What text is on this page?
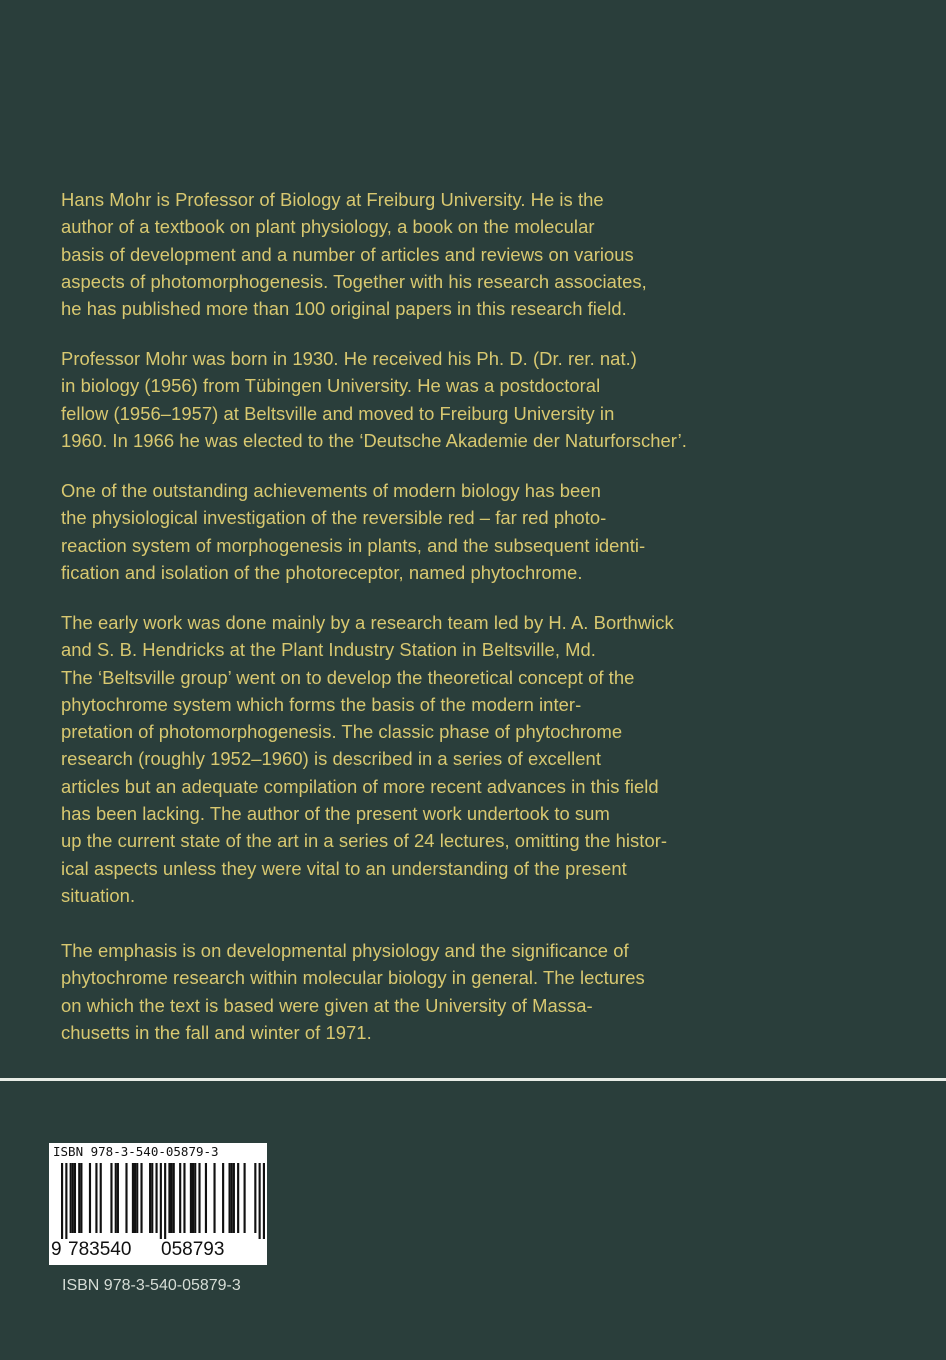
Hans Mohr is Professor of Biology at Freiburg University. He is the
author of a textbook on plant physiology, a book on the molecular
basis of development and a number of articles and reviews on various
aspects of photomorphogenesis. Together with his research associates,
he has published more than 100 original papers in this research field.
Professor Mohr was born in 1930. He received his Ph. D. (Dr. rer. nat.)
in biology (1956) from Tübingen University. He was a postdoctoral
fellow (1956–1957) at Beltsville and moved to Freiburg University in
1960. In 1966 he was elected to the ‘Deutsche Akademie der Naturforscher’.
One of the outstanding achievements of modern biology has been
the physiological investigation of the reversible red – far red photo-
reaction system of morphogenesis in plants, and the subsequent identi-
fication and isolation of the photoreceptor, named phytochrome.
The early work was done mainly by a research team led by H. A. Borthwick
and S. B. Hendricks at the Plant Industry Station in Beltsville, Md.
The ‘Beltsville group’ went on to develop the theoretical concept of the
phytochrome system which forms the basis of the modern inter-
pretation of photomorphogenesis. The classic phase of phytochrome
research (roughly 1952–1960) is described in a series of excellent
articles but an adequate compilation of more recent advances in this field
has been lacking. The author of the present work undertook to sum
up the current state of the art in a series of 24 lectures, omitting the histor-
ical aspects unless they were vital to an understanding of the present
situation.
The emphasis is on developmental physiology and the significance of
phytochrome research within molecular biology in general. The lectures
on which the text is based were given at the University of Massa-
chusetts in the fall and winter of 1971.
ISBN 978-3-540-05879-3
9 783540 058793
ISBN 978-3-540-05879-3
